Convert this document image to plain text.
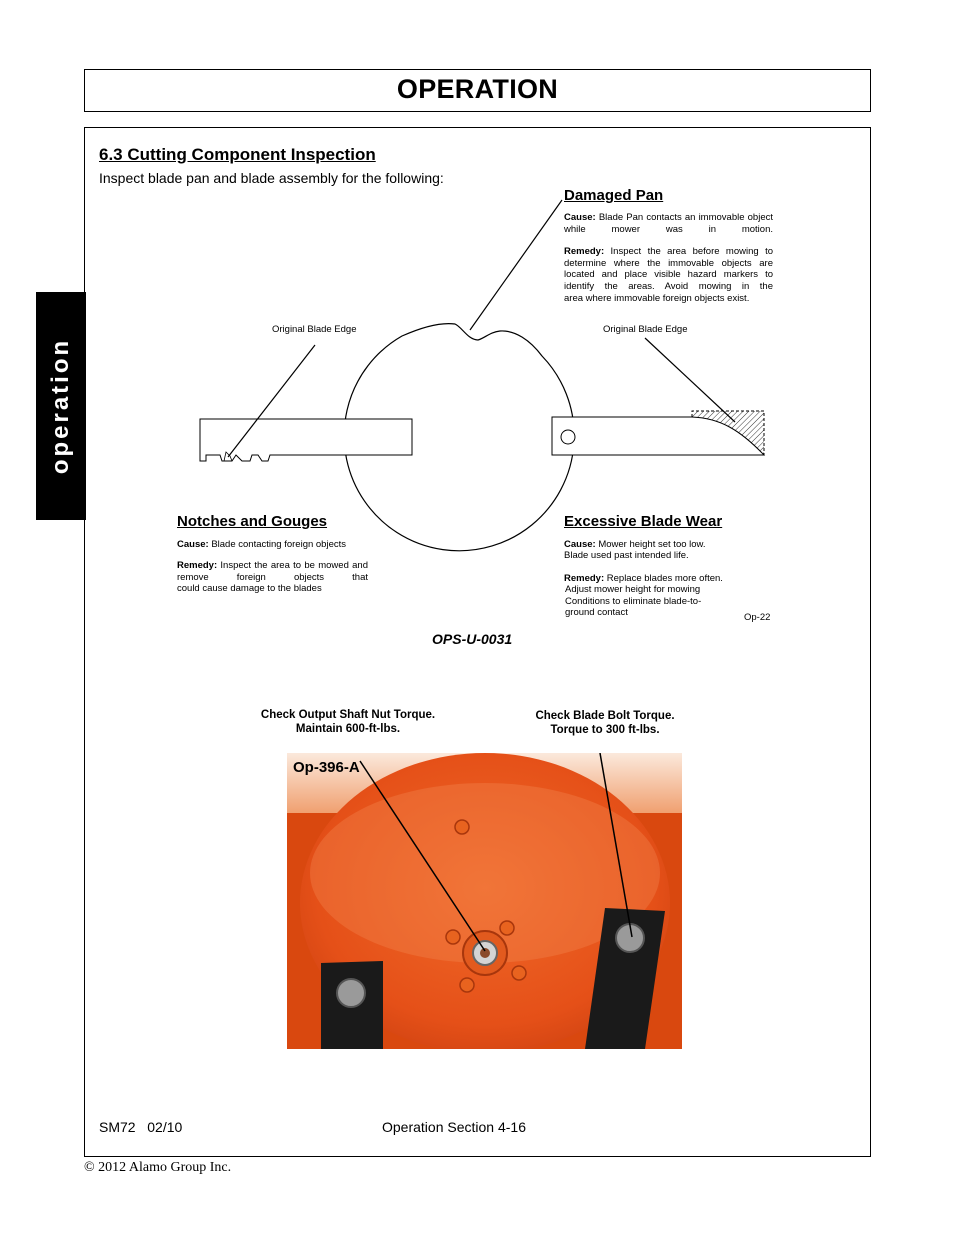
OPERATION
operation
6.3 Cutting Component Inspection
Inspect blade pan and blade assembly for the following:
Original Blade Edge	Original Blade Edge
Damaged Pan
Cause: Blade Pan contacts an immovable object while mower was in motion.
Remedy: Inspect the area before mowing to determine where the immovable objects are located and place visible hazard markers to identify the areas. Avoid mowing in the
area where immovable foreign objects exist.
Notches and Gouges
Cause: Blade contacting foreign objects
Remedy: Inspect the area to be mowed and remove foreign objects that
could cause damage to the blades
Excessive Blade Wear
Cause: Mower height set too low.
Blade used past intended life.
Remedy: Replace blades more often.
Adjust mower height for mowing
Conditions to eliminate blade-to-
ground contact	Op-22
OPS-U-0031
Check Output Shaft Nut Torque.
Maintain 600-ft-lbs.
Check Blade Bolt Torque.
Torque to 300 ft-lbs.
Op-396-A
SM72   02/10	Operation Section 4-16
© 2012 Alamo Group Inc.
